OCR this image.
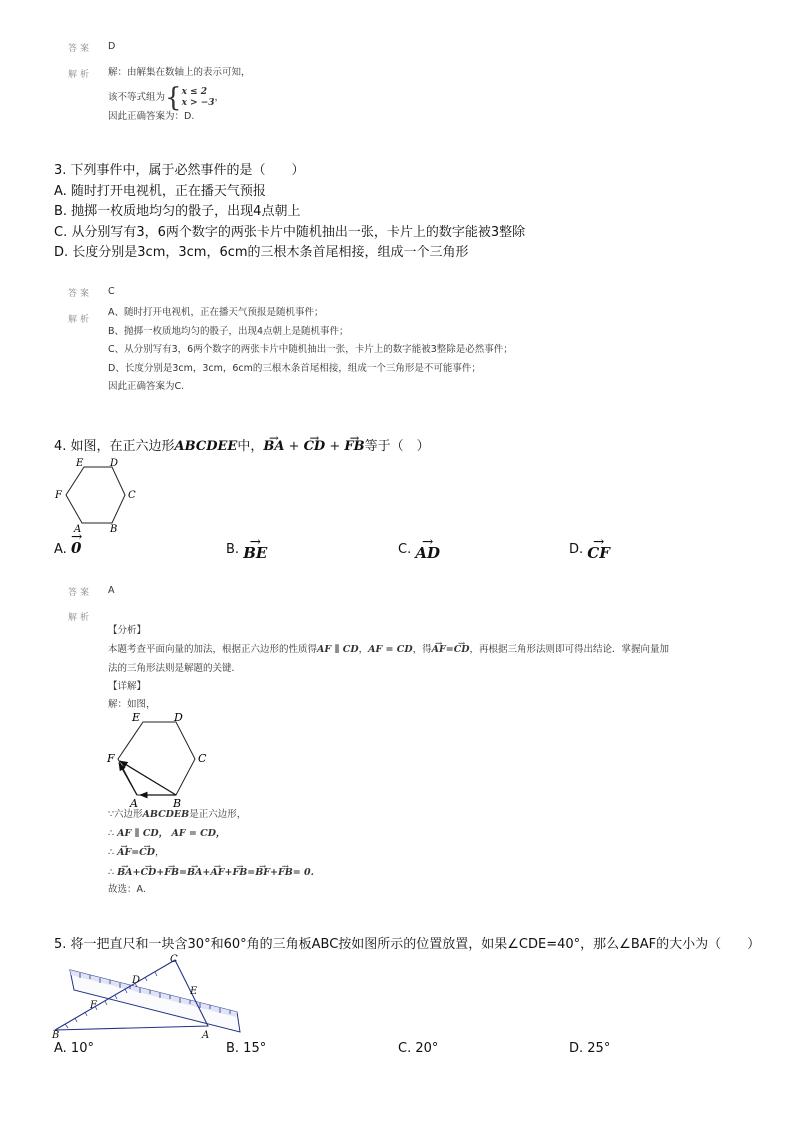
答案 D
解析 解：由解集在数轴上的表示可知，
该不等式组为 { x ≤ 2
x > −3
，
因此正确答案为：D.
3. 下列事件中，属于必然事件的是（　　）
A. 随时打开电视机，正在播天气预报
B. 抛掷一枚质地均匀的骰子，出现4点朝上
C. 从分别写有3，6两个数字的两张卡片中随机抽出一张，卡片上的数字能被3整除
D. 长度分别是3cm，3cm，6cm的三根木条首尾相接，组成一个三角形
答案 C
解析
A、随时打开电视机，正在播天气预报是随机事件；
B、抛掷一枚质地均匀的骰子，出现4点朝上是随机事件；
C、从分别写有3，6两个数字的两张卡片中随机抽出一张，卡片上的数字能被3整除是必然事件；
D、长度分别是3cm，3cm，6cm的三根木条首尾相接，组成一个三角形是不可能事件；
因此正确答案为C.
4. 如图，在正六边形ABCDEE中，→ BA + → CD + → FB等于（　）
E	D
C
F
A	B
A. → 0	B. → BE	C. → AD	D. → CF
答案 A
解析
【分析】
本题考查平面向量的加法，根据正六边形的性质得AF ∥ CD，AF = CD，得→ AF=→ CD，再根据三角形法则即可得出结论．掌握向量加
法的三角形法则是解题的关键．
【详解】
解：如图，
E	D
C
F
A	B
∵六边形ABCDEB是正六边形，
∴ AF ∥ CD， AF = CD，
∴ → AF=→ CD，
∴ → BA+→ CD+→ FB=→ BA+→ AF+→ FB=→ BF+→ FB= 0.
故选：A.
5. 将一把直尺和一块含30°和60°角的三角板ABC按如图所示的位置放置，如果∠CDE=40°，那么∠BAF的大小为（　　）
C
D
E
F
B	A
A. 10°	B. 15°	C. 20°	D. 25°
